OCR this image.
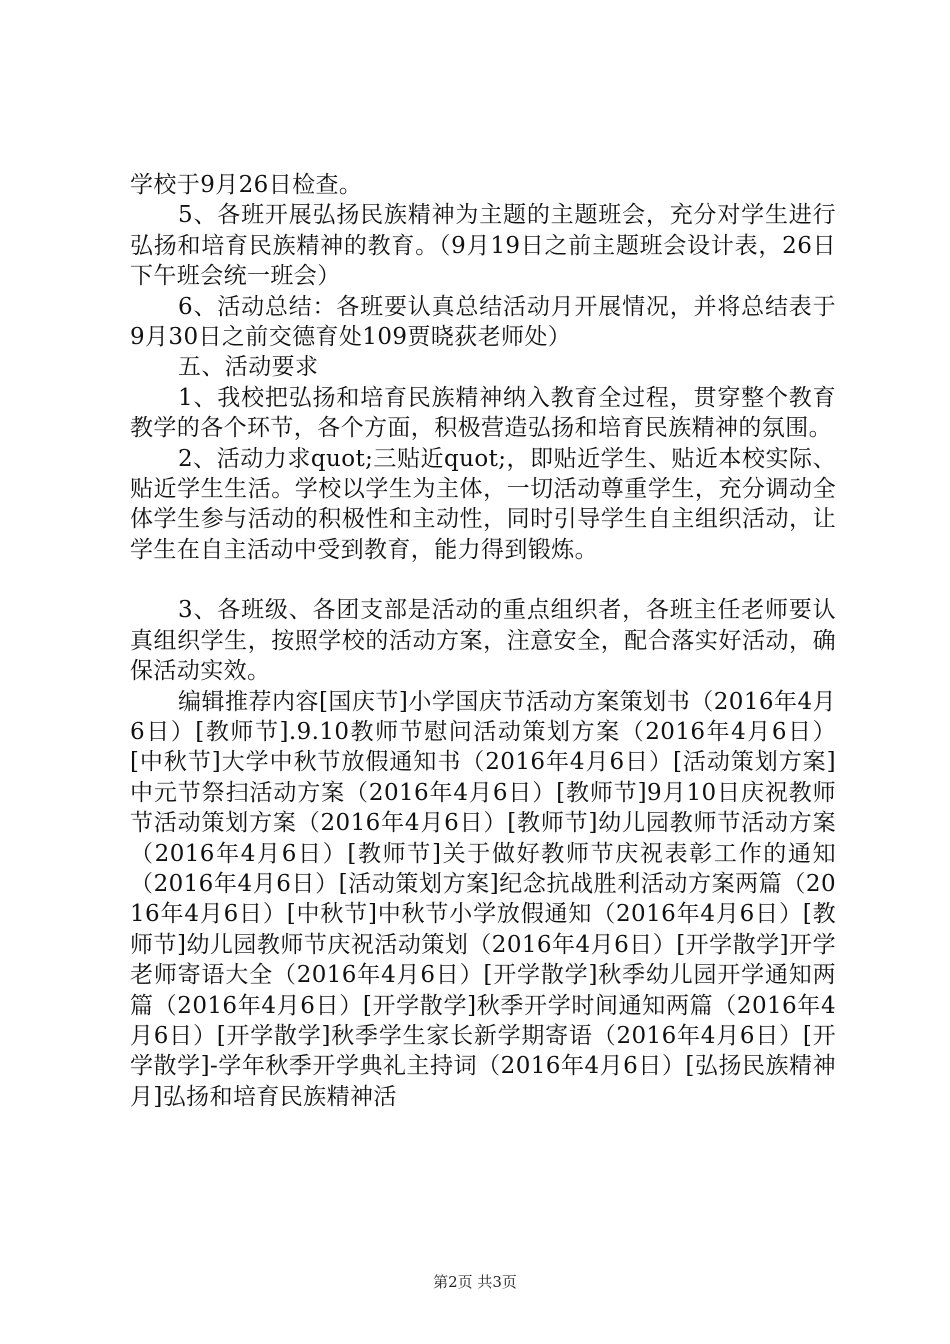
学校于9月26日检查。

5、各班开展弘扬民族精神为主题的主题班会，充分对学生进行弘扬和培育民族精神的教育。（9月19日之前主题班会设计表，26日下午班会统一班会）

6、活动总结：各班要认真总结活动月开展情况，并将总结表于9月30日之前交德育处109贾晓荻老师处）

五、活动要求

1、我校把弘扬和培育民族精神纳入教育全过程，贯穿整个教育教学的各个环节，各个方面，积极营造弘扬和培育民族精神的氛围。

2、活动力求quot;三贴近quot;，即贴近学生、贴近本校实际、贴近学生生活。学校以学生为主体，一切活动尊重学生，充分调动全体学生参与活动的积极性和主动性，同时引导学生自主组织活动，让学生在自主活动中受到教育，能力得到锻炼。

3、各班级、各团支部是活动的重点组织者，各班主任老师要认真组织学生，按照学校的活动方案，注意安全，配合落实好活动，确保活动实效。

编辑推荐内容[国庆节]小学国庆节活动方案策划书（2016年4月6日）[教师节].9.10教师节慰问活动策划方案（2016年4月6日）[中秋节]大学中秋节放假通知书（2016年4月6日）[活动策划方案]中元节祭扫活动方案（2016年4月6日）[教师节]9月10日庆祝教师节活动策划方案（2016年4月6日）[教师节]幼儿园教师节活动方案（2016年4月6日）[教师节]关于做好教师节庆祝表彰工作的通知（2016年4月6日）[活动策划方案]纪念抗战胜利活动方案两篇（2016年4月6日）[中秋节]中秋节小学放假通知（2016年4月6日）[教师节]幼儿园教师节庆祝活动策划（2016年4月6日）[开学散学]开学老师寄语大全（2016年4月6日）[开学散学]秋季幼儿园开学通知两篇（2016年4月6日）[开学散学]秋季开学时间通知两篇（2016年4月6日）[开学散学]秋季学生家长新学期寄语（2016年4月6日）[开学散学]-学年秋季开学典礼主持词（2016年4月6日）[弘扬民族精神月]弘扬和培育民族精神活

第2页 共3页
